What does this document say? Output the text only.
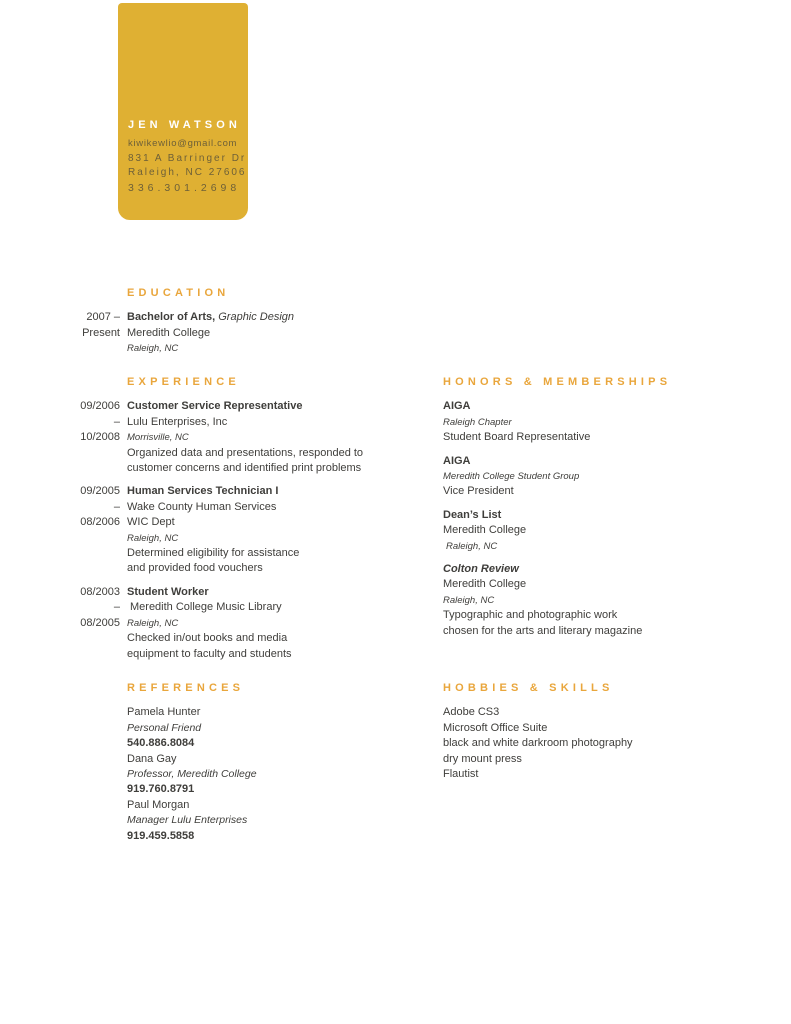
JEN WATSON
kiwikewlio@gmail.com
831 A Barringer Dr
Raleigh, NC 27606
336.301.2698
EDUCATION
2007 –
Present
Bachelor of Arts, Graphic Design
Meredith College
Raleigh, NC
EXPERIENCE
09/2006 –
10/2008
Customer Service Representative
Lulu Enterprises, Inc
Morrisville, NC
Organized data and presentations, responded to
customer concerns and identified print problems
09/2005 –
08/2006
Human Services Technician I
Wake County Human Services
WIC Dept
Raleigh, NC
Determined eligibility for assistance
and provided food vouchers
08/2003 –
08/2005
Student Worker
Meredith College Music Library
Raleigh, NC
Checked in/out books and media
equipment to faculty and students
HONORS & MEMBERSHIPS
AIGA
Raleigh Chapter
Student Board Representative
AIGA
Meredith College Student Group
Vice President
Dean’s List
Meredith College
Raleigh, NC
Colton Review
Meredith College
Raleigh, NC
Typographic and photographic work
chosen for the arts and literary magazine
REFERENCES
Pamela Hunter
Personal Friend
540.886.8084
Dana Gay
Professor, Meredith College
919.760.8791
Paul Morgan
Manager Lulu Enterprises
919.459.5858
HOBBIES & SKILLS
Adobe CS3
Microsoft Office Suite
black and white darkroom photography
dry mount press
Flautist
